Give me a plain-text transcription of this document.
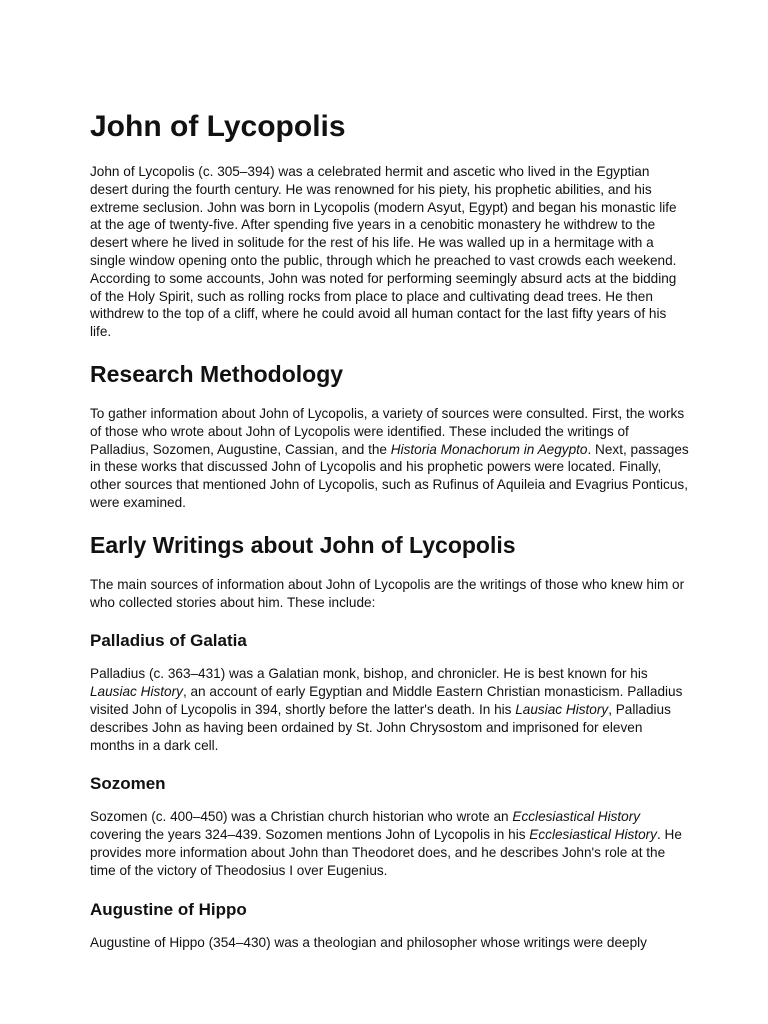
John of Lycopolis

John of Lycopolis (c. 305–394) was a celebrated hermit and ascetic who lived in the Egyptian desert during the fourth century. He was renowned for his piety, his prophetic abilities, and his extreme seclusion. John was born in Lycopolis (modern Asyut, Egypt) and began his monastic life at the age of twenty-five. After spending five years in a cenobitic monastery he withdrew to the desert where he lived in solitude for the rest of his life. He was walled up in a hermitage with a single window opening onto the public, through which he preached to vast crowds each weekend. According to some accounts, John was noted for performing seemingly absurd acts at the bidding of the Holy Spirit, such as rolling rocks from place to place and cultivating dead trees. He then withdrew to the top of a cliff, where he could avoid all human contact for the last fifty years of his life.

Research Methodology

To gather information about John of Lycopolis, a variety of sources were consulted. First, the works of those who wrote about John of Lycopolis were identified. These included the writings of Palladius, Sozomen, Augustine, Cassian, and the Historia Monachorum in Aegypto. Next, passages in these works that discussed John of Lycopolis and his prophetic powers were located. Finally, other sources that mentioned John of Lycopolis, such as Rufinus of Aquileia and Evagrius Ponticus, were examined.

Early Writings about John of Lycopolis

The main sources of information about John of Lycopolis are the writings of those who knew him or who collected stories about him. These include:

Palladius of Galatia

Palladius (c. 363–431) was a Galatian monk, bishop, and chronicler. He is best known for his Lausiac History, an account of early Egyptian and Middle Eastern Christian monasticism. Palladius visited John of Lycopolis in 394, shortly before the latter's death. In his Lausiac History, Palladius describes John as having been ordained by St. John Chrysostom and imprisoned for eleven months in a dark cell.

Sozomen

Sozomen (c. 400–450) was a Christian church historian who wrote an Ecclesiastical History covering the years 324–439. Sozomen mentions John of Lycopolis in his Ecclesiastical History. He provides more information about John than Theodoret does, and he describes John's role at the time of the victory of Theodosius I over Eugenius.

Augustine of Hippo

Augustine of Hippo (354–430) was a theologian and philosopher whose writings were deeply
